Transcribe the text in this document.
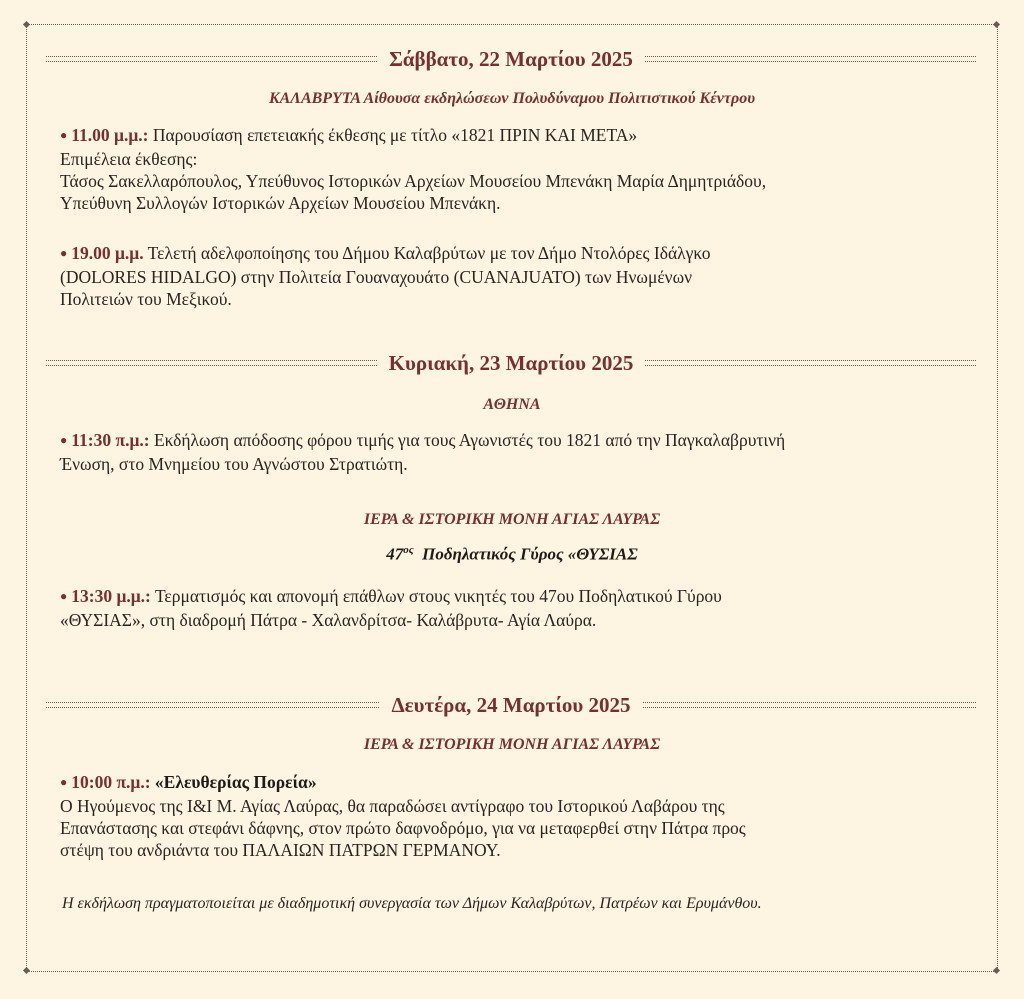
Σάββατο, 22 Μαρτίου 2025
ΚΑΛΑΒΡΥΤΑ Αίθουσα εκδηλώσεων Πολυδύναμου Πολιτιστικού Κέντρου
● 11.00 μ.μ.: Παρουσίαση επετειακής έκθεσης με τίτλο «1821 ΠΡΙΝ ΚΑΙ ΜΕΤΑ»
Επιμέλεια έκθεσης:
Τάσος Σακελλαρόπουλος, Υπεύθυνος Ιστορικών Αρχείων Μουσείου Μπενάκη Μαρία Δημητριάδου,
Υπεύθυνη Συλλογών Ιστορικών Αρχείων Μουσείου Μπενάκη.
● 19.00 μ.μ. Τελετή αδελφοποίησης του Δήμου Καλαβρύτων με τον Δήμο Ντολόρες Ιδάλγκο
(DOLORES HIDALGO) στην Πολιτεία Γουαναχουάτο (CUANAJUATO) των Ηνωμένων
Πολιτειών του Μεξικού.
Κυριακή, 23 Μαρτίου 2025
ΑΘΗΝΑ
● 11:30 π.μ.: Εκδήλωση απόδοσης φόρου τιμής για τους Αγωνιστές του 1821 από την Παγκαλαβρυτινή
Ένωση, στο Μνημείου του Αγνώστου Στρατιώτη.
ΙΕΡΑ & ΙΣΤΟΡΙΚΗ ΜΟΝΗ ΑΓΙΑΣ ΛΑΥΡΑΣ
$47^{o\varsigma}$ Ποδηλατικός Γύρος «ΘΥΣΙΑΣ
● 13:30 μ.μ.: Τερματισμός και απονομή επάθλων στους νικητές του 47ου Ποδηλατικού Γύρου
«ΘΥΣΙΑΣ», στη διαδρομή Πάτρα - Χαλανδρίτσα- Καλάβρυτα- Αγία Λαύρα.
Δευτέρα, 24 Μαρτίου 2025
ΙΕΡΑ & ΙΣΤΟΡΙΚΗ ΜΟΝΗ ΑΓΙΑΣ ΛΑΥΡΑΣ
● 10:00 π.μ.: «Ελευθερίας Πορεία»
Ο Ηγούμενος της Ι&Ι Μ. Αγίας Λαύρας, θα παραδώσει αντίγραφο του Ιστορικού Λαβάρου της
Επανάστασης και στεφάνι δάφνης, στον πρώτο δαφνοδρόμο, για να μεταφερθεί στην Πάτρα προς
στέψη του ανδριάντα του ΠΑΛΑΙΩΝ ΠΑΤΡΩΝ ΓΕΡΜΑΝΟΥ.
Η εκδήλωση πραγματοποιείται με διαδημοτική συνεργασία των Δήμων Καλαβρύτων, Πατρέων και Ερυμάνθου.
